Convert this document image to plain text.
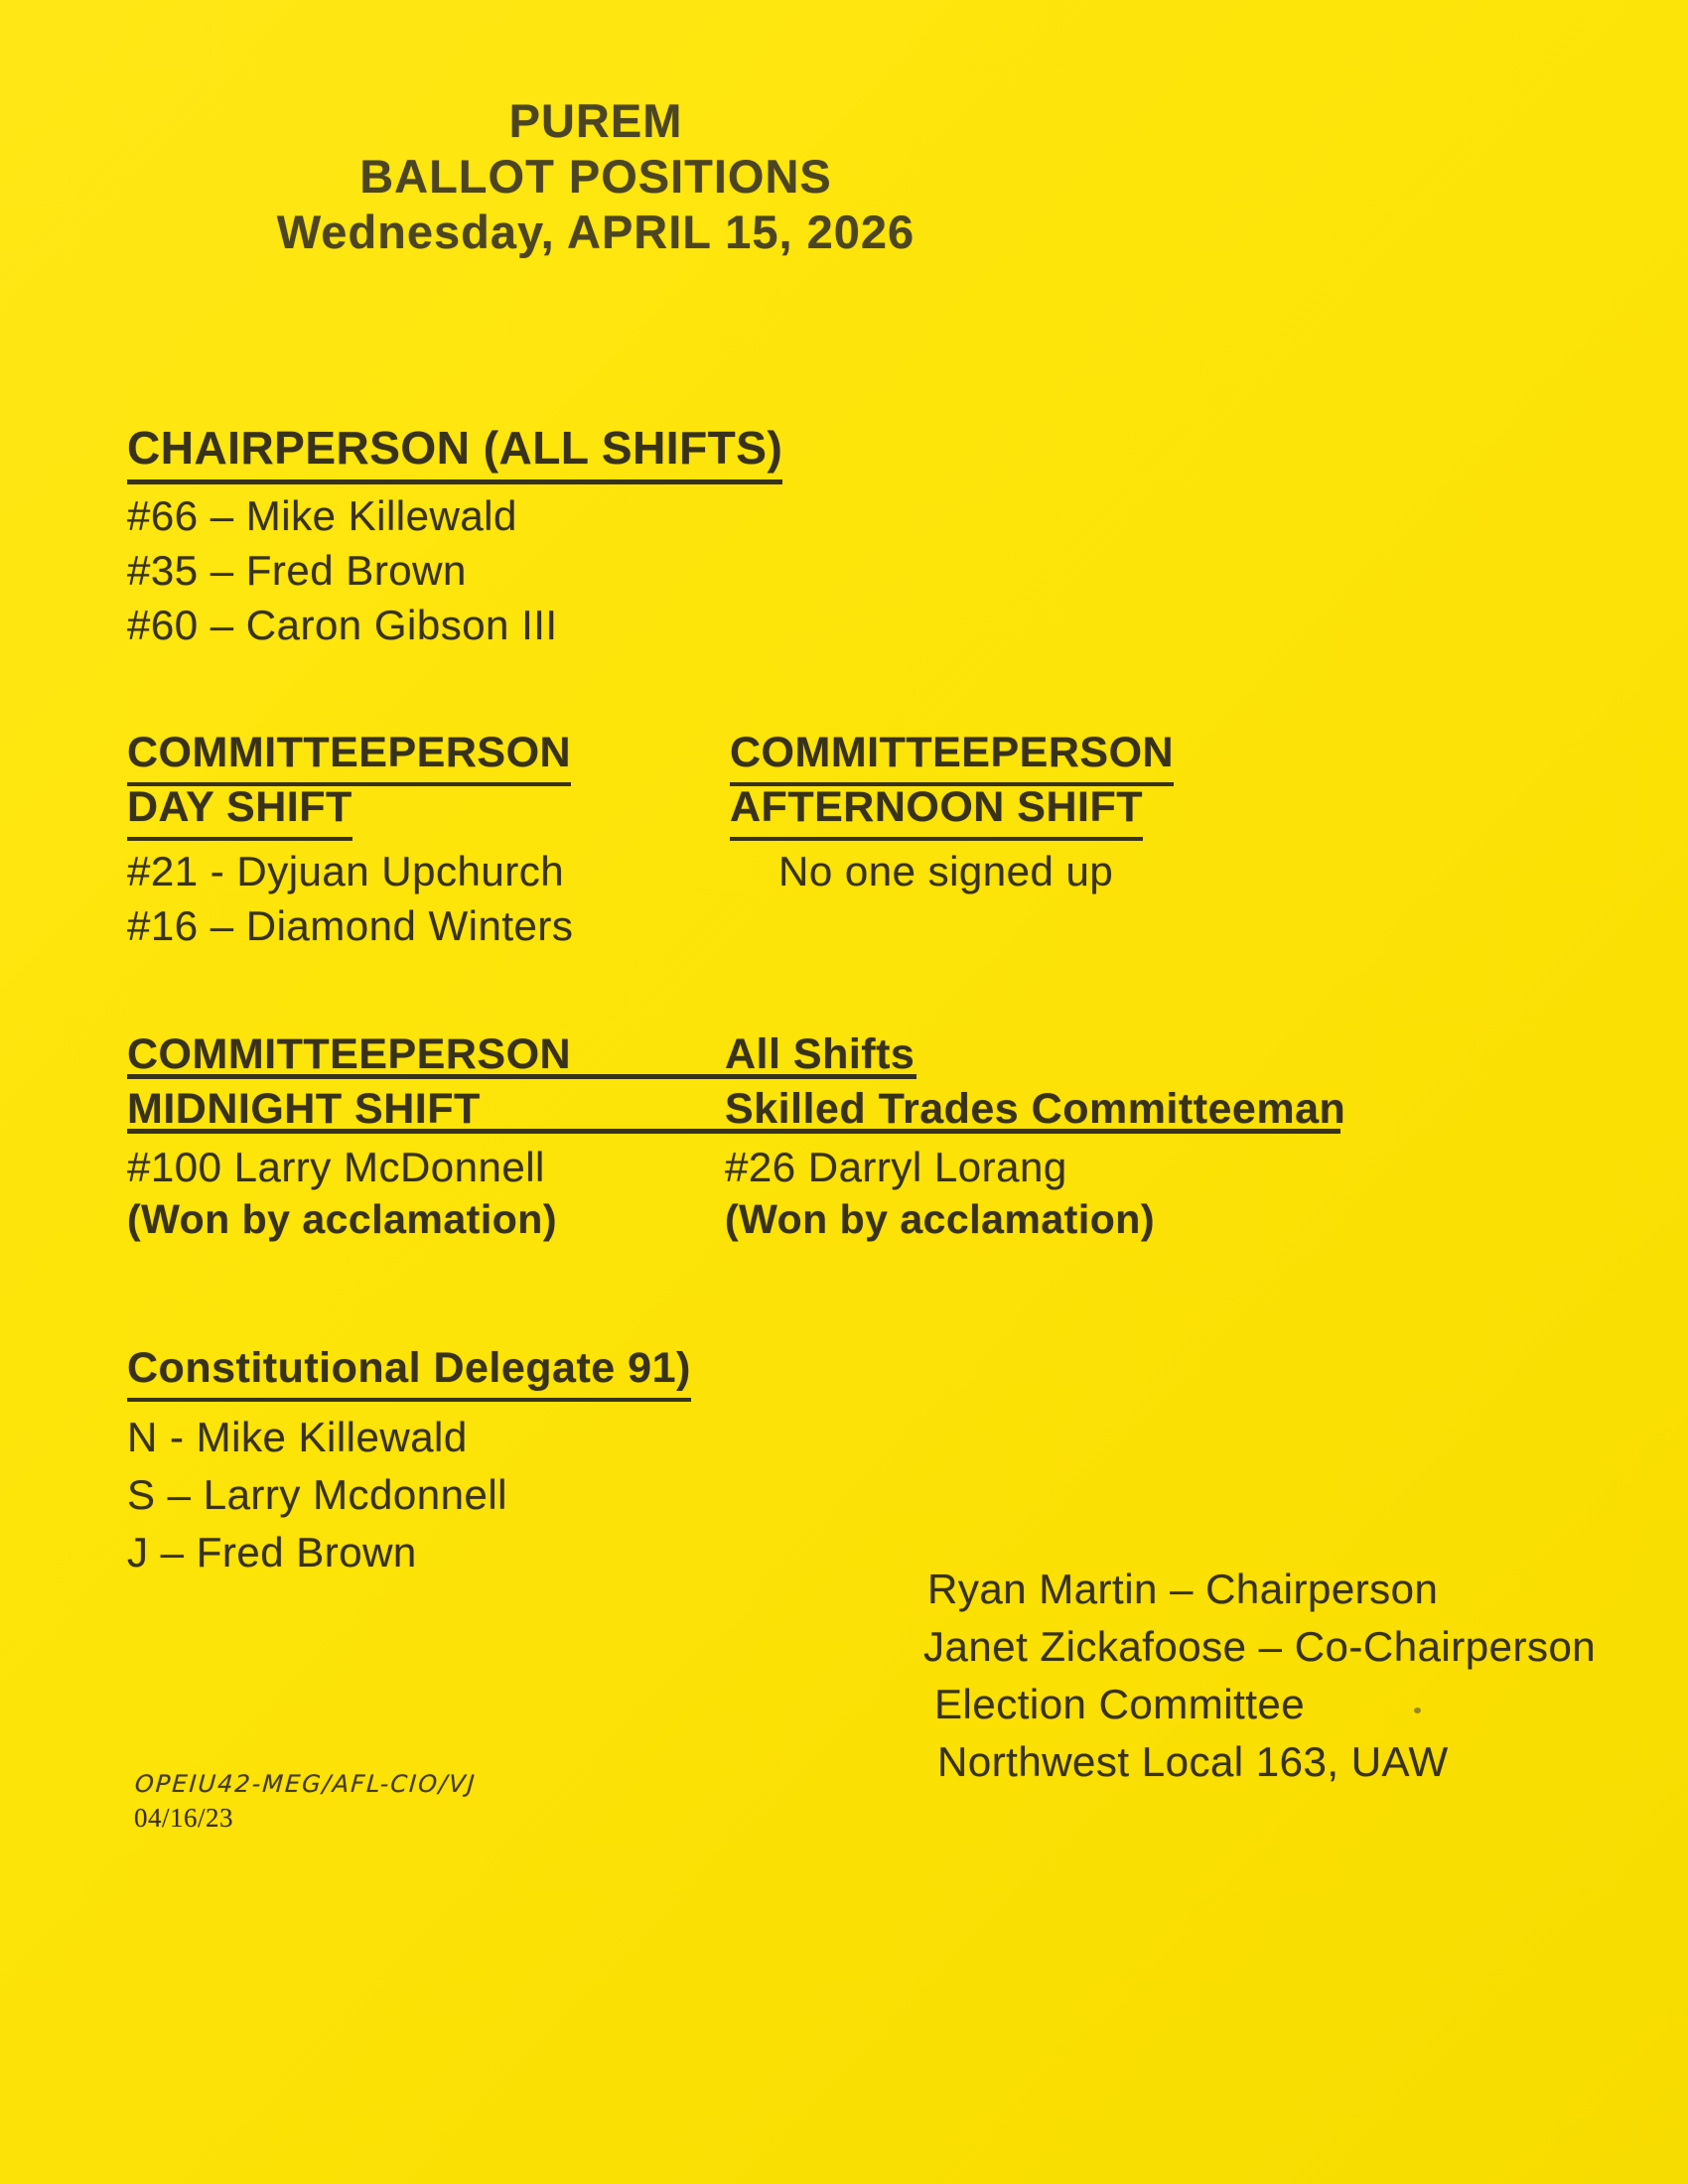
PUREM
BALLOT POSITIONS
Wednesday, APRIL 15, 2026
CHAIRPERSON (ALL SHIFTS)
#66 – Mike Killewald
#35 – Fred Brown
#60 – Caron Gibson III
COMMITTEEPERSON
DAY SHIFT
#21 - Dyjuan Upchurch
#16 – Diamond Winters
COMMITTEEPERSON
AFTERNOON SHIFT
No one signed up
COMMITTEEPERSON	All Shifts
MIDNIGHT SHIFT	Skilled Trades Committeeman
#100 Larry McDonnell	#26 Darryl Lorang
(Won by acclamation)	(Won by acclamation)
Constitutional Delegate 91)
N - Mike Killewald
S – Larry Mcdonnell
J – Fred Brown
Ryan Martin – Chairperson
Janet Zickafoose – Co-Chairperson
Election Committee
Northwest Local 163, UAW
OPEIU42-MEG/AFL-CIO/VJ
04/16/23
